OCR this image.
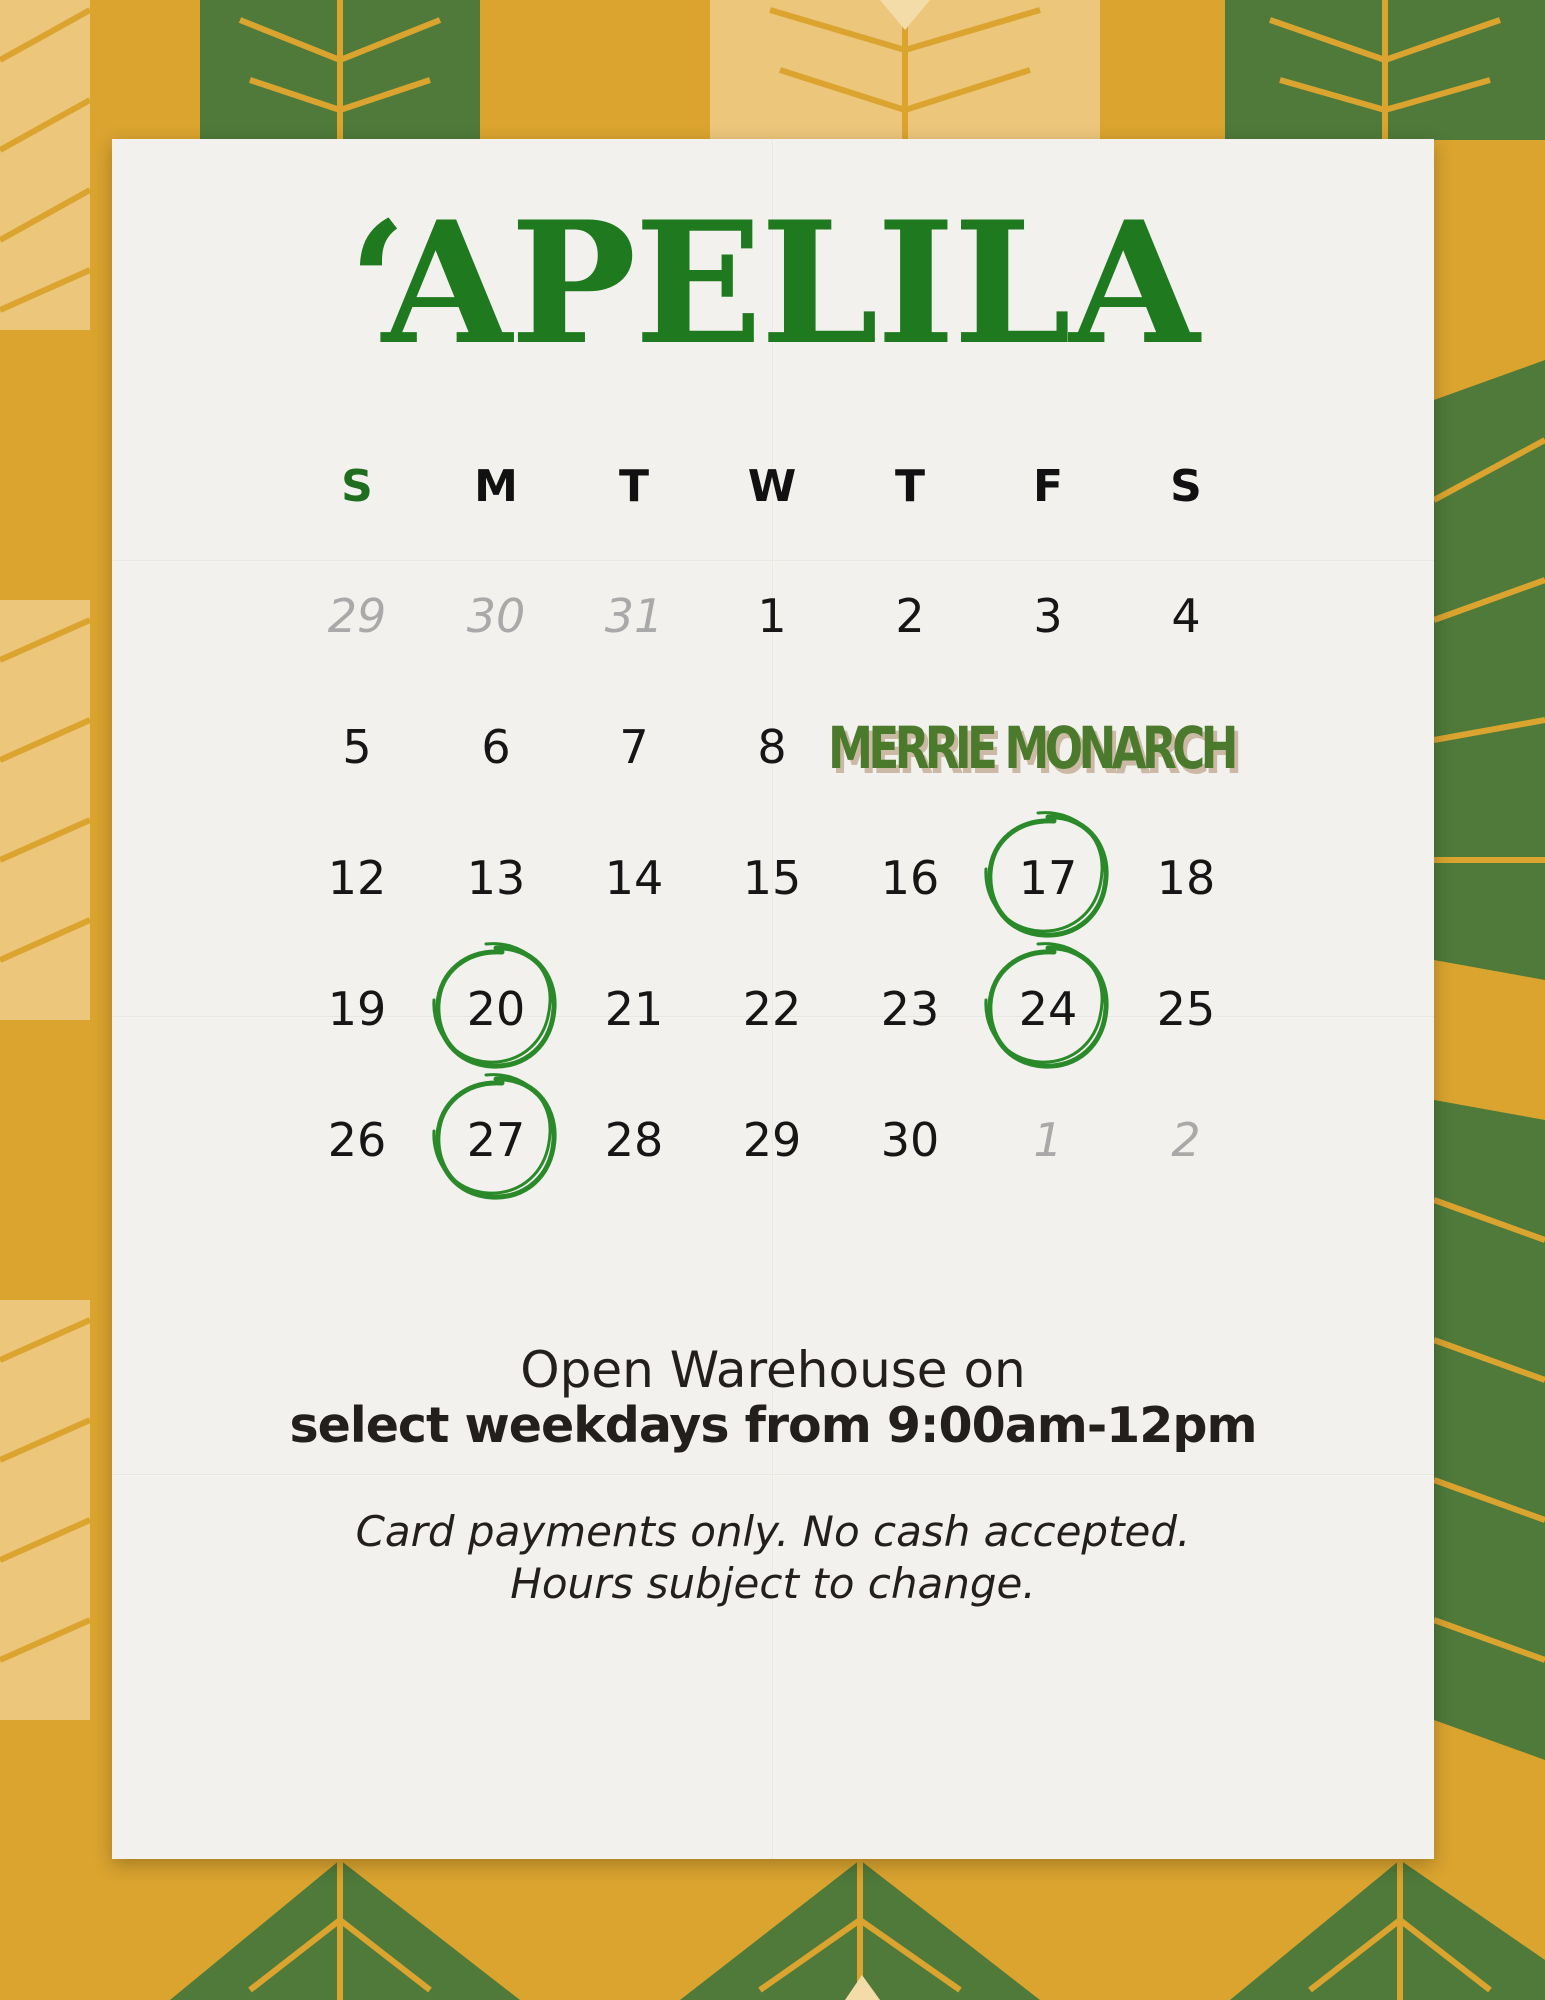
‘APELILA
S	M	T	W	T	F	S
29	30	31	1	2	3	4
5	6	7	8
12	13	14	15	16	17	18
19	20	21	22	23	24	25
26	27	28	29	30	1	2
MERRIE MONARCH
Open Warehouse on
select weekdays from 9:00am-12pm
Card payments only. No cash accepted.
Hours subject to change.
